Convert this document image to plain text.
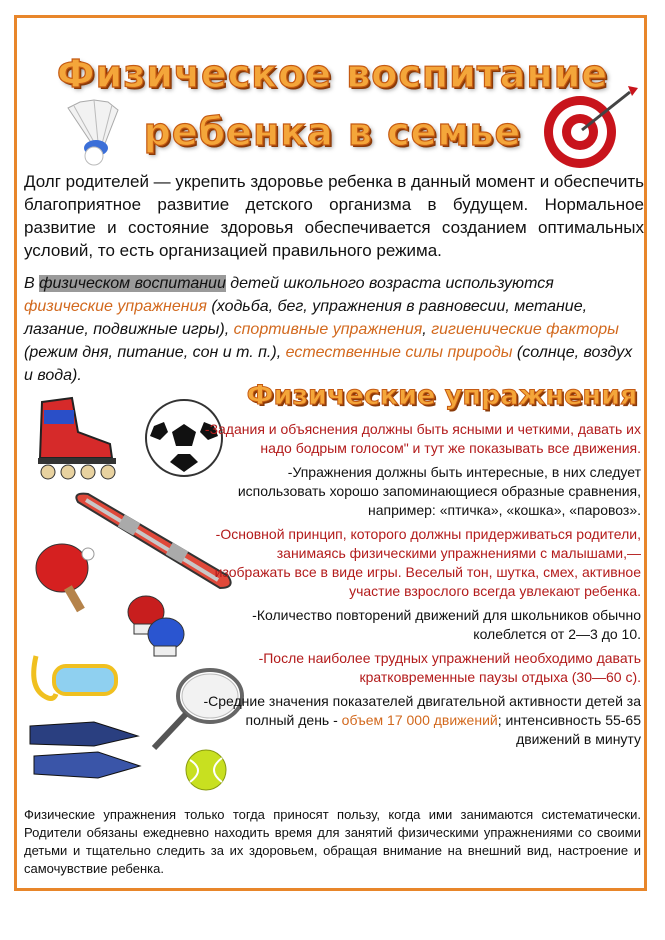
Физическое воспитание
ребенка в семье
Долг родителей — укрепить здоровье ребенка в данный момент и обеспечить благоприятное развитие детского организма в будущем. Нормальное развитие и состояние здоровья обеспечивается созданием оптимальных условий, то есть организацией правильного режима.
В физическом воспитании детей школьного возраста используются физические упражнения (ходьба, бег, упражнения в равновесии, метание, лазание, подвижные игры), спортивные упражнения, гигиенические факторы (режим дня, питание, сон и т. п.), естественные силы природы (солнце, воздух и вода).
Физические упражнения

-Задания и объяснения должны быть ясными и четкими, давать их надо бодрым голосом" и тут же показывать все движения.

-Упражнения должны быть интересные, в них следует использовать хорошо запоминающиеся образные сравнения, например: «птичка», «кошка», «паровоз».

-Основной принцип, которого должны придерживаться родители, занимаясь физическими упражнениями с малышами,— изображать все в виде игры. Веселый тон, шутка, смех, активное участие взрослого всегда увлекают ребенка.

-Количество повторений движений для школьников обычно колеблется от 2—3 до 10.

-После наиболее трудных упражнений необходимо давать кратковременные паузы отдыха (30—60 с).

-Средние значения показателей двигательной активности детей за полный день - объем 17 000 движений; интенсивность 55-65 движений в минуту

Физические упражнения только тогда приносят пользу, когда ими занимаются систематически. Родители обязаны ежедневно находить время для занятий физическими упражнениями со своими детьми и тщательно следить за их здоровьем, обращая внимание на внешний вид, настроение и самочувствие ребенка.
